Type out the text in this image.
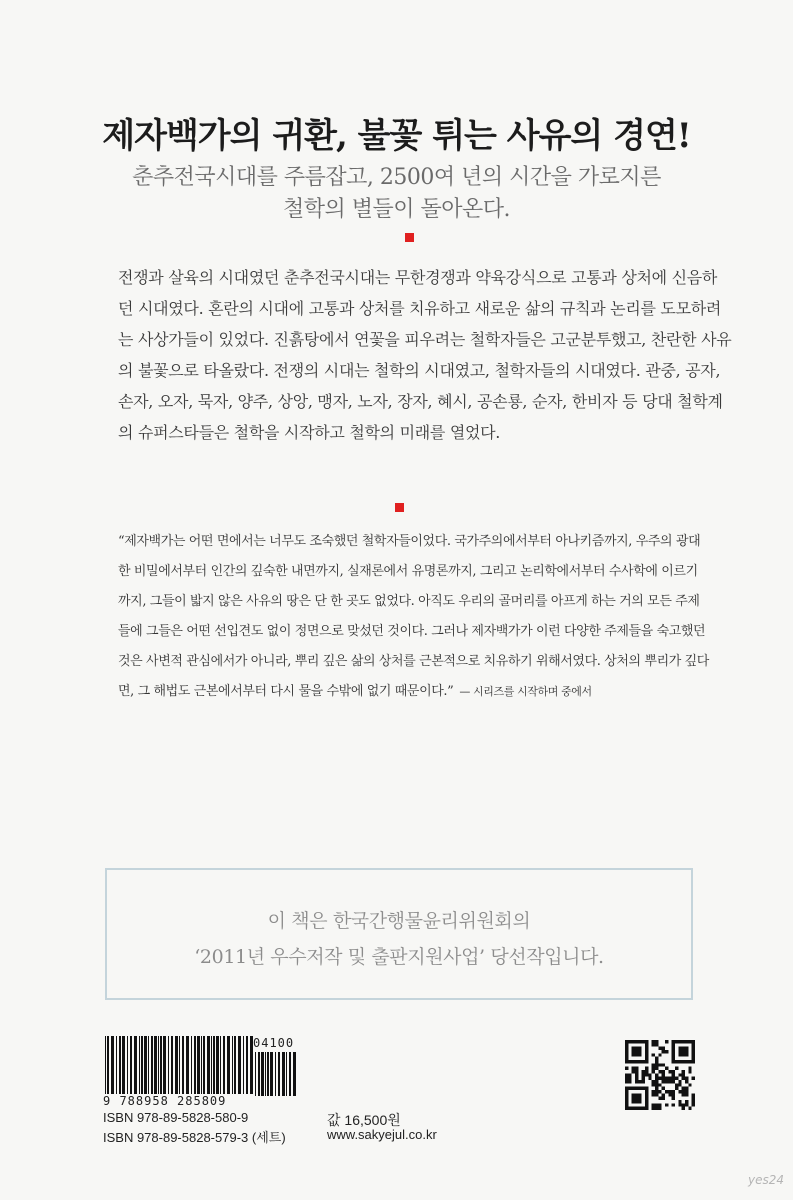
제자백가의 귀환, 불꽃 튀는 사유의 경연!
춘추전국시대를 주름잡고, 2500여 년의 시간을 가로지른
철학의 별들이 돌아온다.
전쟁과 살육의 시대였던 춘추전국시대는 무한경쟁과 약육강식으로 고통과 상처에 신음하
던 시대였다. 혼란의 시대에 고통과 상처를 치유하고 새로운 삶의 규칙과 논리를 도모하려
는 사상가들이 있었다. 진흙탕에서 연꽃을 피우려는 철학자들은 고군분투했고, 찬란한 사유
의 불꽃으로 타올랐다. 전쟁의 시대는 철학의 시대였고, 철학자들의 시대였다. 관중, 공자,
손자, 오자, 묵자, 양주, 상앙, 맹자, 노자, 장자, 혜시, 공손룡, 순자, 한비자 등 당대 철학계
의 슈퍼스타들은 철학을 시작하고 철학의 미래를 열었다.
“제자백가는 어떤 면에서는 너무도 조숙했던 철학자들이었다. 국가주의에서부터 아나키즘까지, 우주의 광대
한 비밀에서부터 인간의 깊숙한 내면까지, 실재론에서 유명론까지, 그리고 논리학에서부터 수사학에 이르기
까지, 그들이 밟지 않은 사유의 땅은 단 한 곳도 없었다. 아직도 우리의 골머리를 아프게 하는 거의 모든 주제
들에 그들은 어떤 선입견도 없이 정면으로 맞섰던 것이다. 그러나 제자백가가 이런 다양한 주제들을 숙고했던
것은 사변적 관심에서가 아니라, 뿌리 깊은 삶의 상처를 근본적으로 치유하기 위해서였다. 상처의 뿌리가 깊다
면, 그 해법도 근본에서부터 다시 물을 수밖에 없기 때문이다.” — 시리즈를 시작하며 중에서
이 책은 한국간행물윤리위원회의
‘2011년 우수저작 및 출판지원사업’ 당선작입니다.
9 788958 285809
04100
ISBN 978-89-5828-580-9
ISBN 978-89-5828-579-3 (세트)
값 16,500원
www.sakyejul.co.kr
yes24
